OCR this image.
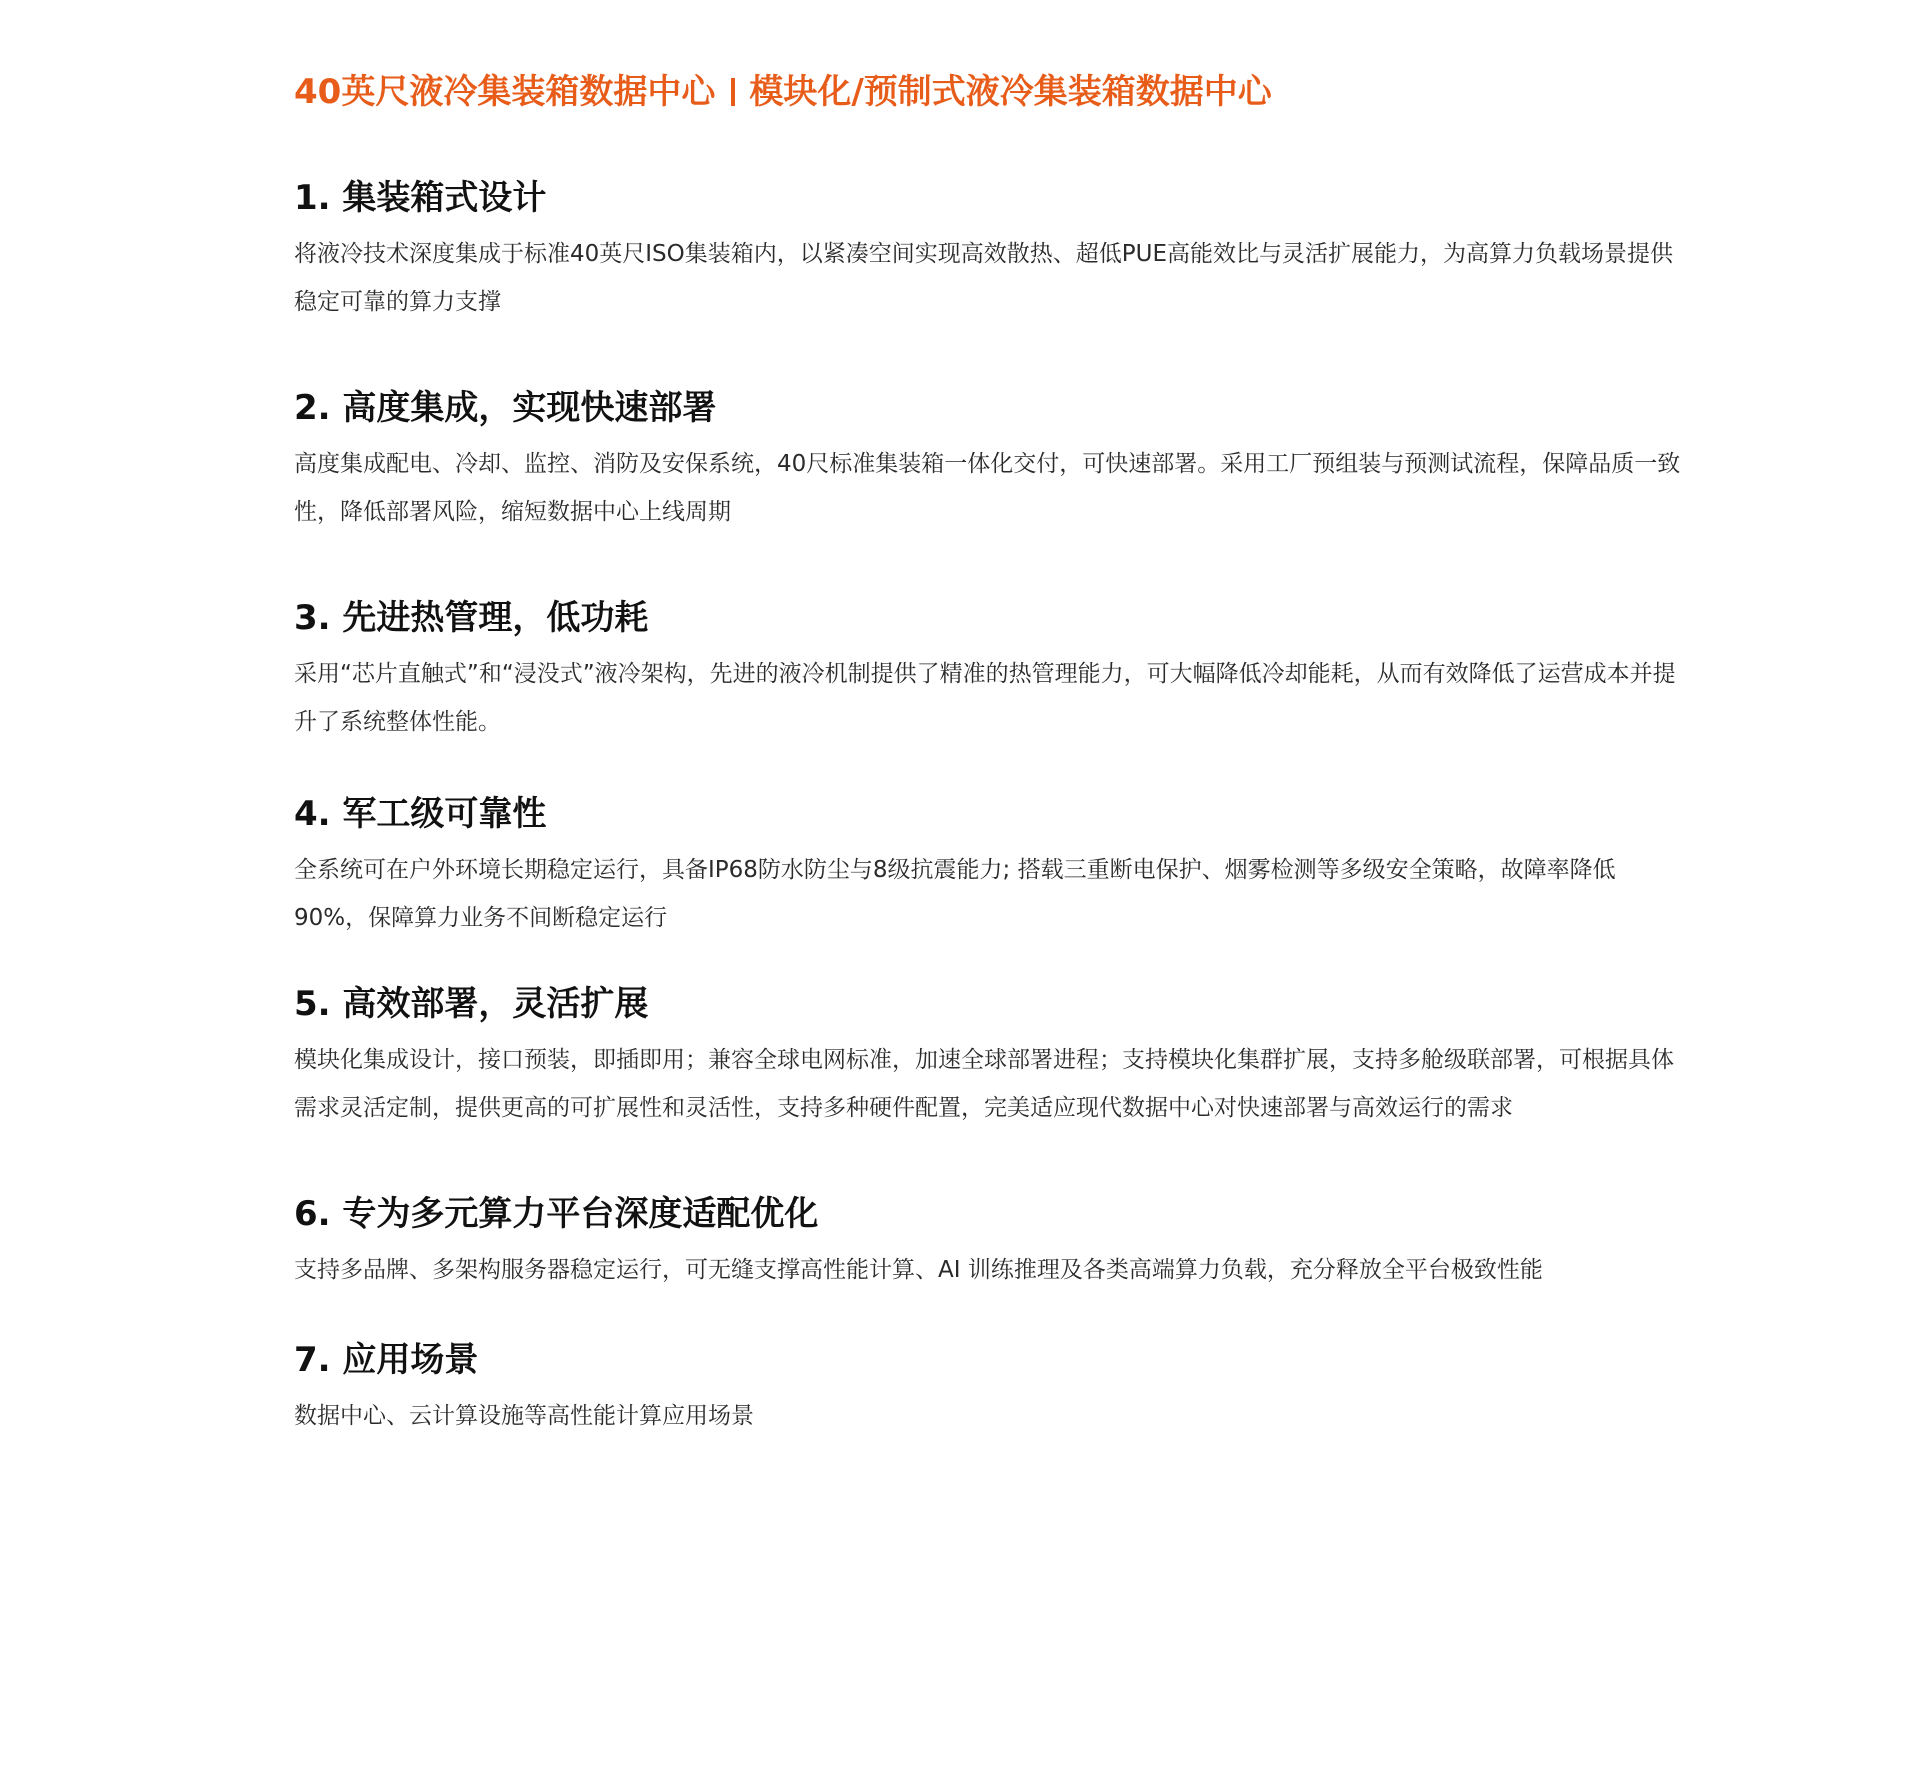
40英尺液冷集装箱数据中心 模块化/预制式液冷集装箱数据中心
1. 集装箱式设计

将液冷技术深度集成于标准40英尺ISO集装箱内，以紧凑空间实现高效散热、超低PUE高能效比与灵活扩展能力，为高算力负载场景提供稳定可靠的算力支撑

2. 高度集成，实现快速部署

高度集成配电、冷却、监控、消防及安保系统，40尺标准集装箱一体化交付，可快速部署。采用工厂预组装与预测试流程，保障品质一致性，降低部署风险，缩短数据中心上线周期

3. 先进热管理，低功耗

采用“芯片直触式”和“浸没式”液冷架构，先进的液冷机制提供了精准的热管理能力，可大幅降低冷却能耗，从而有效降低了运营成本并提升了系统整体性能。

4. 军工级可靠性

全系统可在户外环境长期稳定运行，具备IP68防水防尘与8级抗震能力; 搭载三重断电保护、烟雾检测等多级安全策略，故障率降低90%，保障算力业务不间断稳定运行

5. 高效部署，灵活扩展

模块化集成设计，接口预装，即插即用；兼容全球电网标准，加速全球部署进程；支持模块化集群扩展，支持多舱级联部署，可根据具体需求灵活定制，提供更高的可扩展性和灵活性，支持多种硬件配置，完美适应现代数据中心对快速部署与高效运行的需求

6. 专为多元算力平台深度适配优化

支持多品牌、多架构服务器稳定运行，可无缝支撑高性能计算、AI 训练推理及各类高端算力负载，充分释放全平台极致性能

7. 应用场景

数据中心、云计算设施等高性能计算应用场景
